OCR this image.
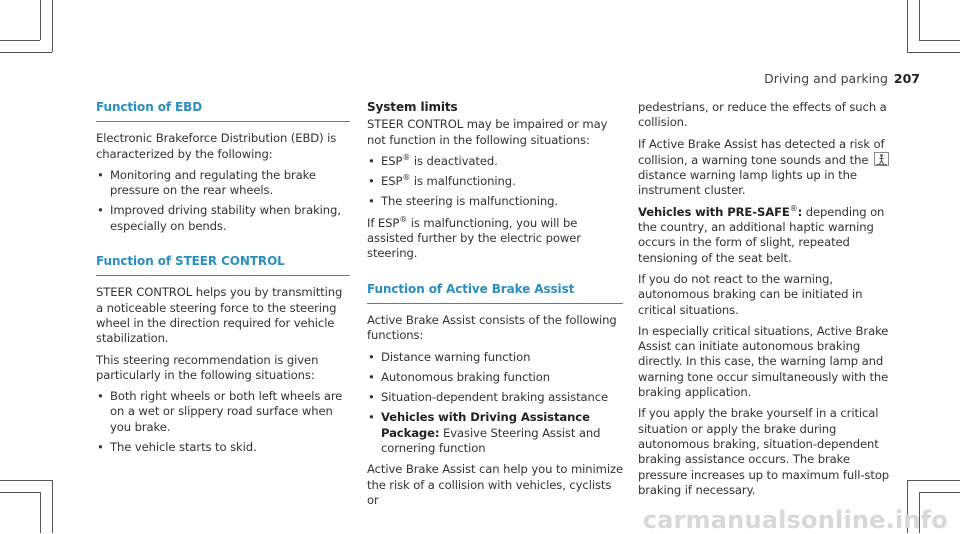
Driving and parking 207
Function of EBD

Electronic Brakeforce Distribution (EBD) is characterized by the following:

• Monitoring and regulating the brake pressure on the rear wheels.
• Improved driving stability when braking, especially on bends.
Function of STEER CONTROL

STEER CONTROL helps you by transmitting a noticeable steering force to the steering wheel in the direction required for vehicle stabilization.

This steering recommendation is given particularly in the following situations:

• Both right wheels or both left wheels are on a wet or slippery road surface when you brake.
• The vehicle starts to skid.
System limits

STEER CONTROL may be impaired or may not function in the following situations:

• ESP® is deactivated.
• ESP® is malfunctioning.
• The steering is malfunctioning.

If ESP® is malfunctioning, you will be assisted further by the electric power steering.

Function of Active Brake Assist

Active Brake Assist consists of the following functions:

• Distance warning function
• Autonomous braking function
• Situation-dependent braking assistance
• Vehicles with Driving Assistance Package: Evasive Steering Assist and cornering function

Active Brake Assist can help you to minimize the risk of a collision with vehicles, cyclists or

pedestrians, or reduce the effects of such a collision.

If Active Brake Assist has detected a risk of collision, a warning tone sounds and the
distance warning lamp lights up in the instrument cluster.

Vehicles with PRE-SAFE®: depending on the country, an additional haptic warning occurs in the form of slight, repeated tensioning of the seat belt.

If you do not react to the warning, autonomous braking can be initiated in critical situations.

In especially critical situations, Active Brake Assist can initiate autonomous braking directly. In this case, the warning lamp and warning tone occur simultaneously with the braking application.

If you apply the brake yourself in a critical situation or apply the brake during autonomous braking, situation-dependent braking assistance occurs. The brake pressure increases up to maximum full-stop braking if necessary.

carmanualsonline.info
